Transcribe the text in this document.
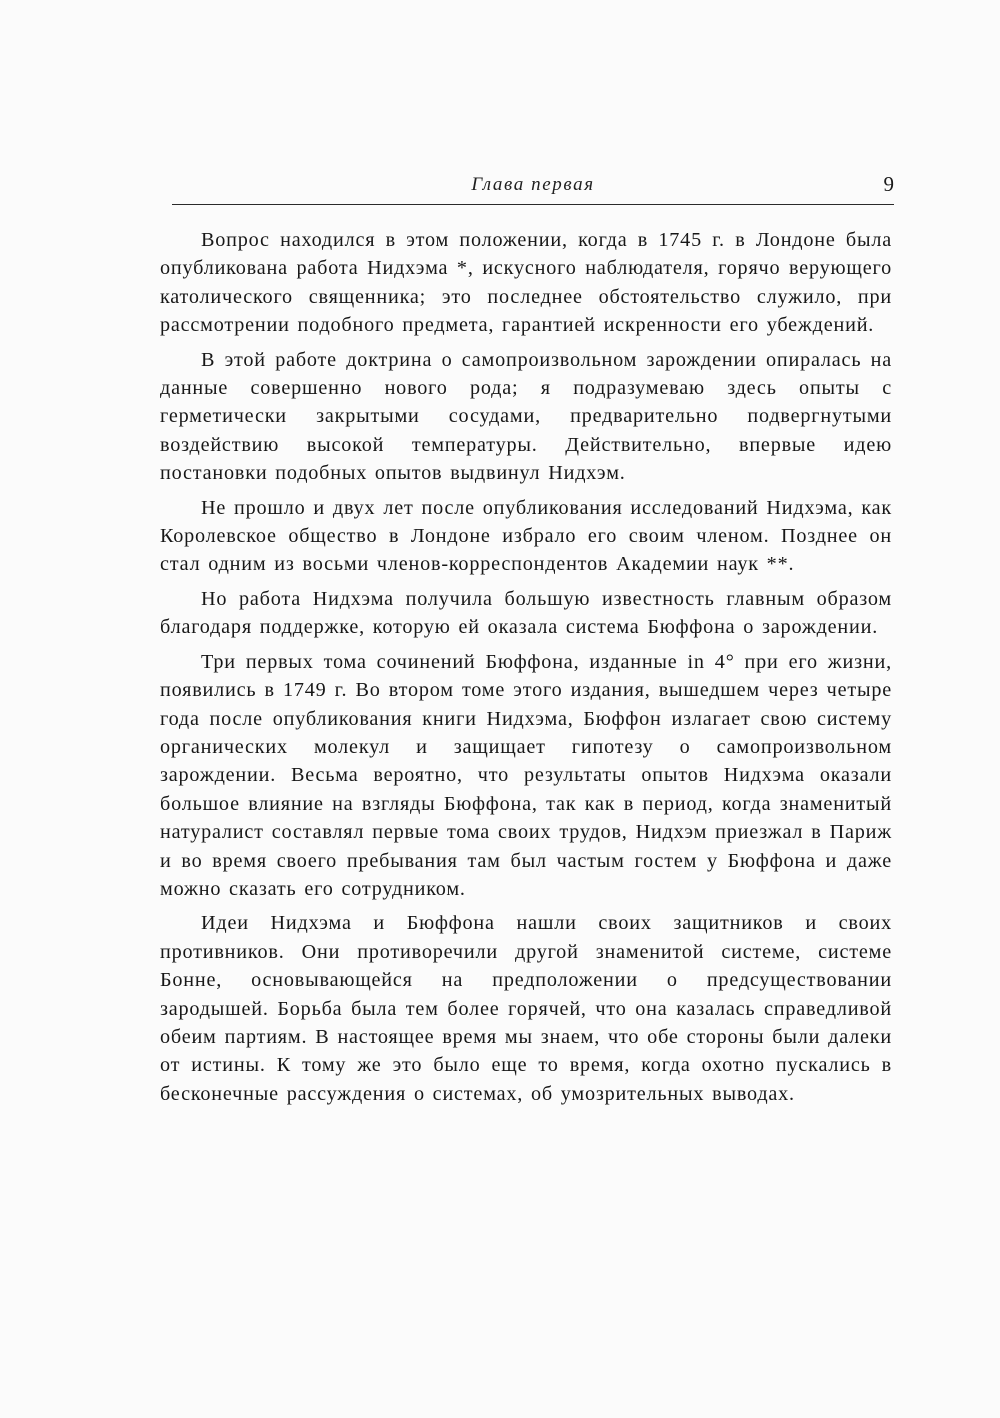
Глава первая	9

Вопрос находился в этом положении, когда в 1745 г. в Лондоне была опубликована работа Нидхэма *, искусного наблюдателя, горячо верующего католического священника; это последнее обстоятельство служило, при рассмотрении подобного предмета, гарантией искренности его убеждений.

В этой работе доктрина о самопроизвольном зарождении опиралась на данные совершенно нового рода; я подразумеваю здесь опыты с герметически закрытыми сосудами, предварительно подвергнутыми воздействию высокой температуры. Действительно, впервые идею постановки подобных опытов выдвинул Нидхэм.

Не прошло и двух лет после опубликования исследований Нидхэма, как Королевское общество в Лондоне избрало его своим членом. Позднее он стал одним из восьми членов-корреспондентов Академии наук **.

Но работа Нидхэма получила большую известность главным образом благодаря поддержке, которую ей оказала система Бюффона о зарождении.

Три первых тома сочинений Бюффона, изданные in 4° при его жизни, появились в 1749 г. Во втором томе этого издания, вышедшем через четыре года после опубликования книги Нидхэма, Бюффон излагает свою систему органических молекул и защищает гипотезу о самопроизвольном зарождении. Весьма вероятно, что результаты опытов Нидхэма оказали большое влияние на взгляды Бюффона, так как в период, когда знаменитый натуралист составлял первые тома своих трудов, Нидхэм приезжал в Париж и во время своего пребывания там был частым гостем у Бюффона и даже можно сказать его сотрудником.

Идеи Нидхэма и Бюффона нашли своих защитников и своих противников. Они противоречили другой знаменитой системе, системе Бонне, основывающейся на предположении о предсуществовании зародышей. Борьба была тем более горячей, что она казалась справедливой обеим партиям. В настоящее время мы знаем, что обе стороны были далеки от истины. К тому же это было еще то время, когда охотно пускались в бесконечные рассуждения о системах, об умозрительных выводах.
